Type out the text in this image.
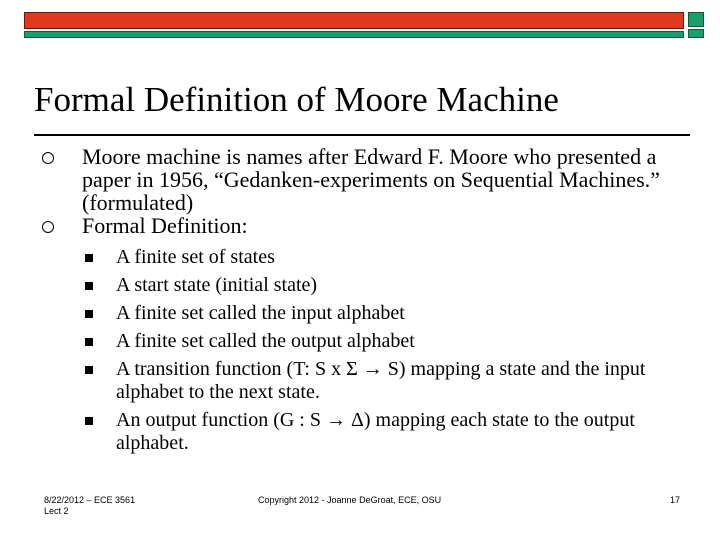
Formal Definition of Moore Machine
Moore machine is names after Edward F. Moore who presented a paper in 1956, “Gedanken-experiments on Sequential Machines.” (formulated)
Formal Definition:
A finite set of states
A start state (initial state)
A finite set called the input alphabet
A finite set called the output alphabet
A transition function (T: S x Σ → S) mapping a state and the input alphabet to the next state.
An output function (G : S → Δ) mapping each state to the output alphabet.
8/22/2012 – ECE 3561
Lect 2
Copyright 2012 - Joanne DeGroat, ECE, OSU	17
